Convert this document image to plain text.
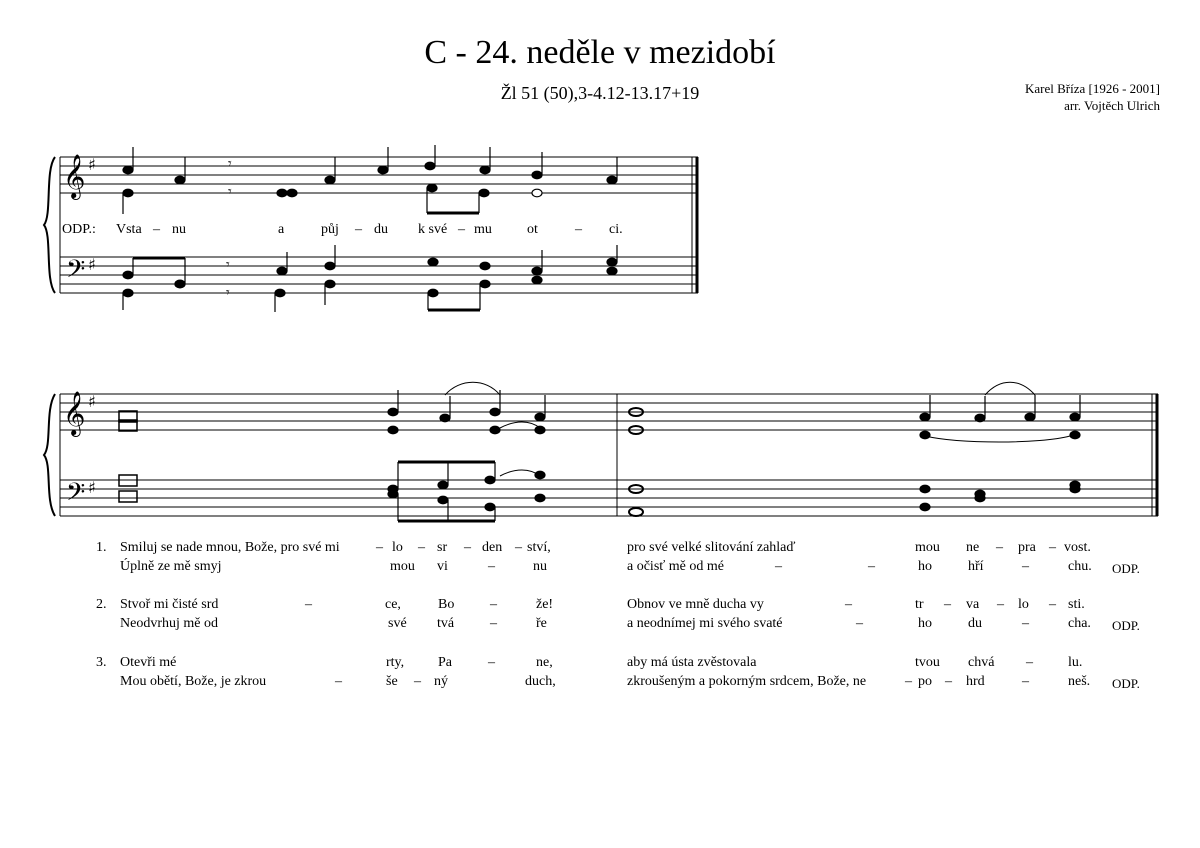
C - 24. neděle v mezidobí
Žl 51 (50),3-4.12-13.17+19	Karel Bříza [1926 - 2001]
arr. Vojtěch Ulrich
𝄞
𝄢
𝄞
𝄢
♯
♯
♯
♯
𝄾
𝄾
𝄾
𝄾
ODP.: Vsta – nu	a	půj – du k své – mu	ot	– ci.
1. Smiluj se nade mnou, Bože, pro své mi	– lo – sr – den – ství,	pro své velké slitování zahlaď	mou ne – pra – vost.
Úplně ze mě smyj	mou vi	–	nu	a očisť mě od mé	–	–	ho	hří	–	chu. ODP.
2. Stvoř mi čisté srd	–	ce,	Bo	–	že!	Obnov ve mně ducha vy	–	tr – va – lo – sti.
Neodvrhuj mě od	své tvá	–	ře	a neodnímej mi svého svaté	–	ho	du	–	cha. ODP.
3. Otevři mé	rty, Pa	–	ne,	aby má ústa zvěstovala	tvou chvá –	lu.
Mou obětí, Bože, je zkrou	–	še – ný	duch,	zkroušeným a pokorným srdcem, Bože, ne	– po – hrd	–	neš. ODP.
